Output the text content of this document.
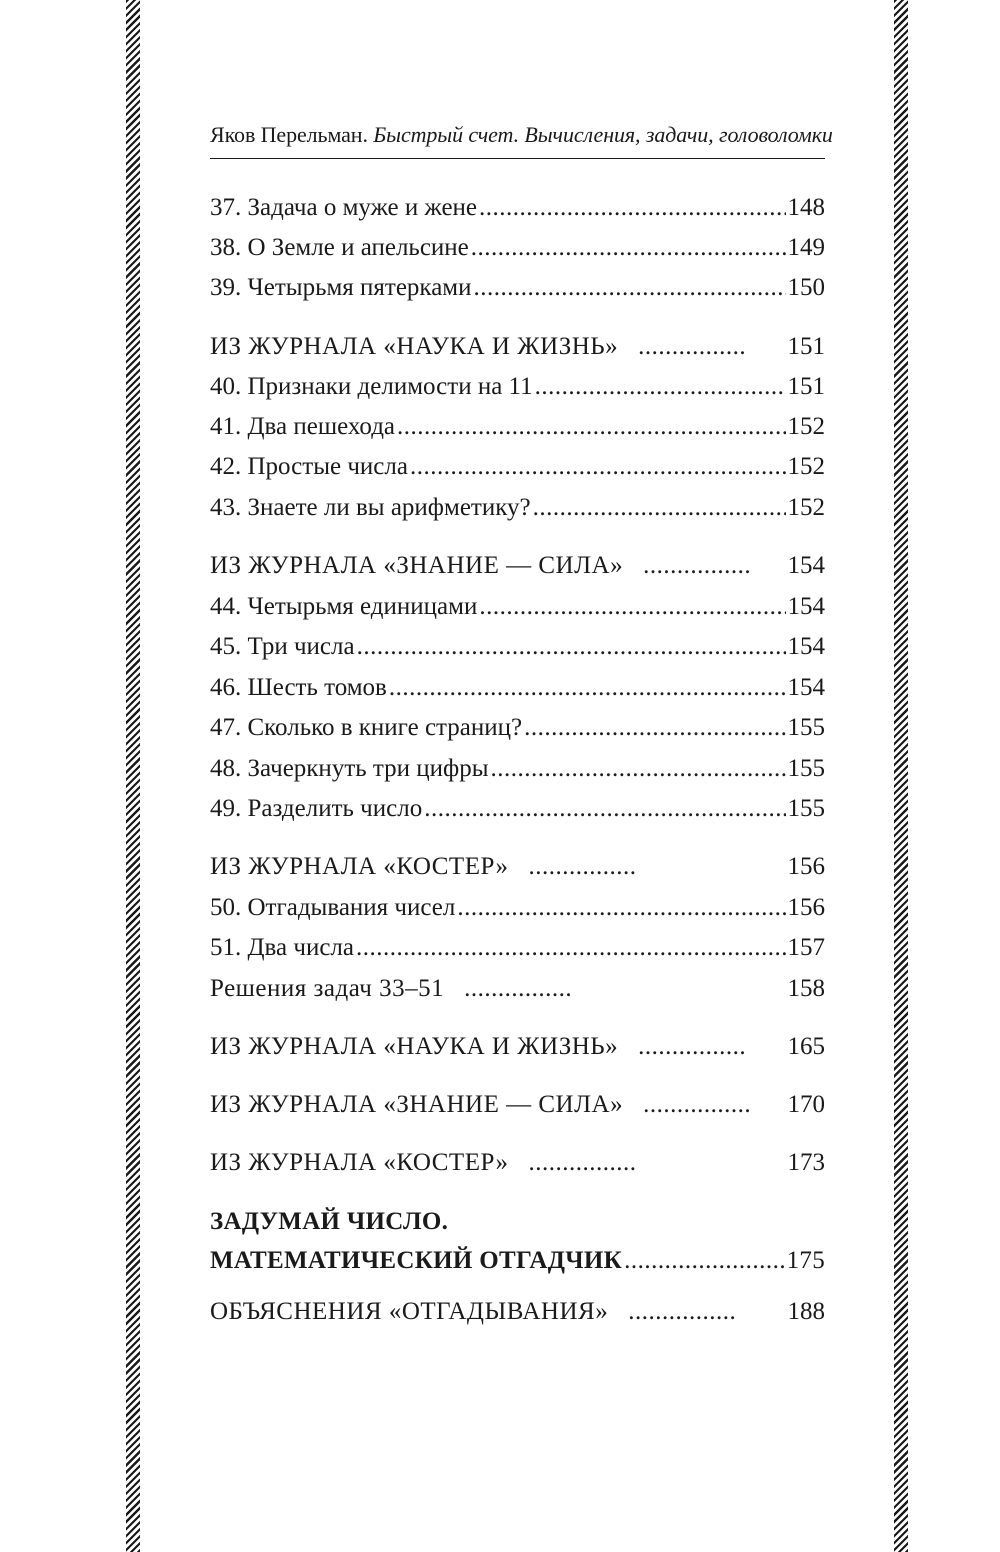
Яков Перельман. Быстрый счет. Вычисления, задачи, головоломки
37. Задача о муже и жене .....	148
38. О Земле и апельсине .....	149
39. Четырьмя пятерками .....	150
ИЗ ЖУРНАЛА «НАУКА И ЖИЗНЬ» .....	151
40. Признаки делимости на 11 .....	151
41. Два пешехода .....	152
42. Простые числа .....	152
43. Знаете ли вы арифметику? .....	152
ИЗ ЖУРНАЛА «ЗНАНИЕ — СИЛА» .....	154
44. Четырьмя единицами .....	154
45. Три числа .....	154
46. Шесть томов .....	154
47. Сколько в книге страниц? .....	155
48. Зачеркнуть три цифры .....	155
49. Разделить число .....	155
ИЗ ЖУРНАЛА «КОСТЕР» .....	156
50. Отгадывания чисел .....	156
51. Два числа .....	157
Решения задач 33–51 .....	158
ИЗ ЖУРНАЛА «НАУКА И ЖИЗНЬ» .....	165
ИЗ ЖУРНАЛА «ЗНАНИЕ — СИЛА» .....	170
ИЗ ЖУРНАЛА «КОСТЕР» .....	173
ЗАДУМАЙ ЧИСЛО.
МАТЕМАТИЧЕСКИЙ ОТГАДЧИК .....	175
ОБЪЯСНЕНИЯ «ОТГАДЫВАНИЯ» .....	188
